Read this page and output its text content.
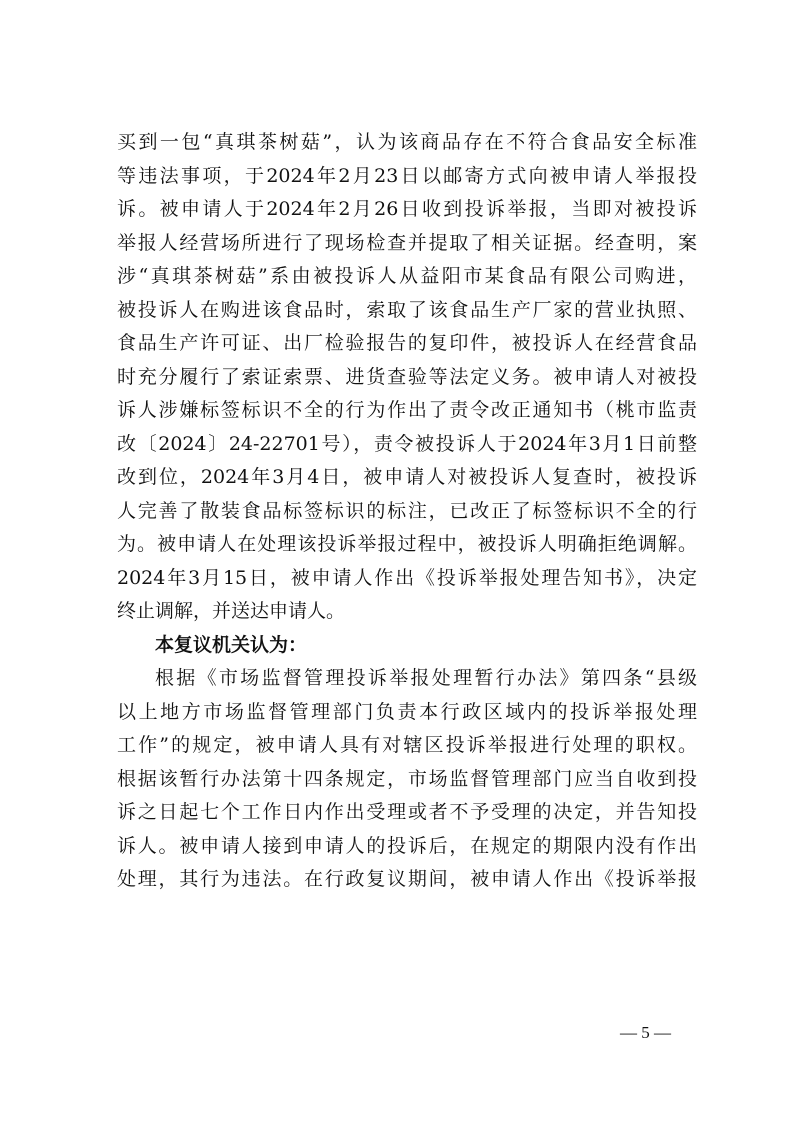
买到一包“真琪茶树菇”，认为该商品存在不符合食品安全标准
等违法事项，于2024年2月23日以邮寄方式向被申请人举报投
诉。被申请人于2024年2月26日收到投诉举报，当即对被投诉
举报人经营场所进行了现场检查并提取了相关证据。经查明，案
涉“真琪茶树菇”系由被投诉人从益阳市某食品有限公司购进，
被投诉人在购进该食品时，索取了该食品生产厂家的营业执照、
食品生产许可证、出厂检验报告的复印件，被投诉人在经营食品
时充分履行了索证索票、进货查验等法定义务。被申请人对被投
诉人涉嫌标签标识不全的行为作出了责令改正通知书（桃市监责
改〔2024〕24-22701号），责令被投诉人于2024年3月1日前整
改到位，2024年3月4日，被申请人对被投诉人复查时，被投诉
人完善了散装食品标签标识的标注，已改正了标签标识不全的行
为。被申请人在处理该投诉举报过程中，被投诉人明确拒绝调解。
2024年3月15日，被申请人作出《投诉举报处理告知书》，决定
终止调解，并送达申请人。
本复议机关认为：
根据《市场监督管理投诉举报处理暂行办法》第四条“县级
以上地方市场监督管理部门负责本行政区域内的投诉举报处理
工作”的规定，被申请人具有对辖区投诉举报进行处理的职权。
根据该暂行办法第十四条规定，市场监督管理部门应当自收到投
诉之日起七个工作日内作出受理或者不予受理的决定，并告知投
诉人。被申请人接到申请人的投诉后，在规定的期限内没有作出
处理，其行为违法。在行政复议期间，被申请人作出《投诉举报
— 5 —
